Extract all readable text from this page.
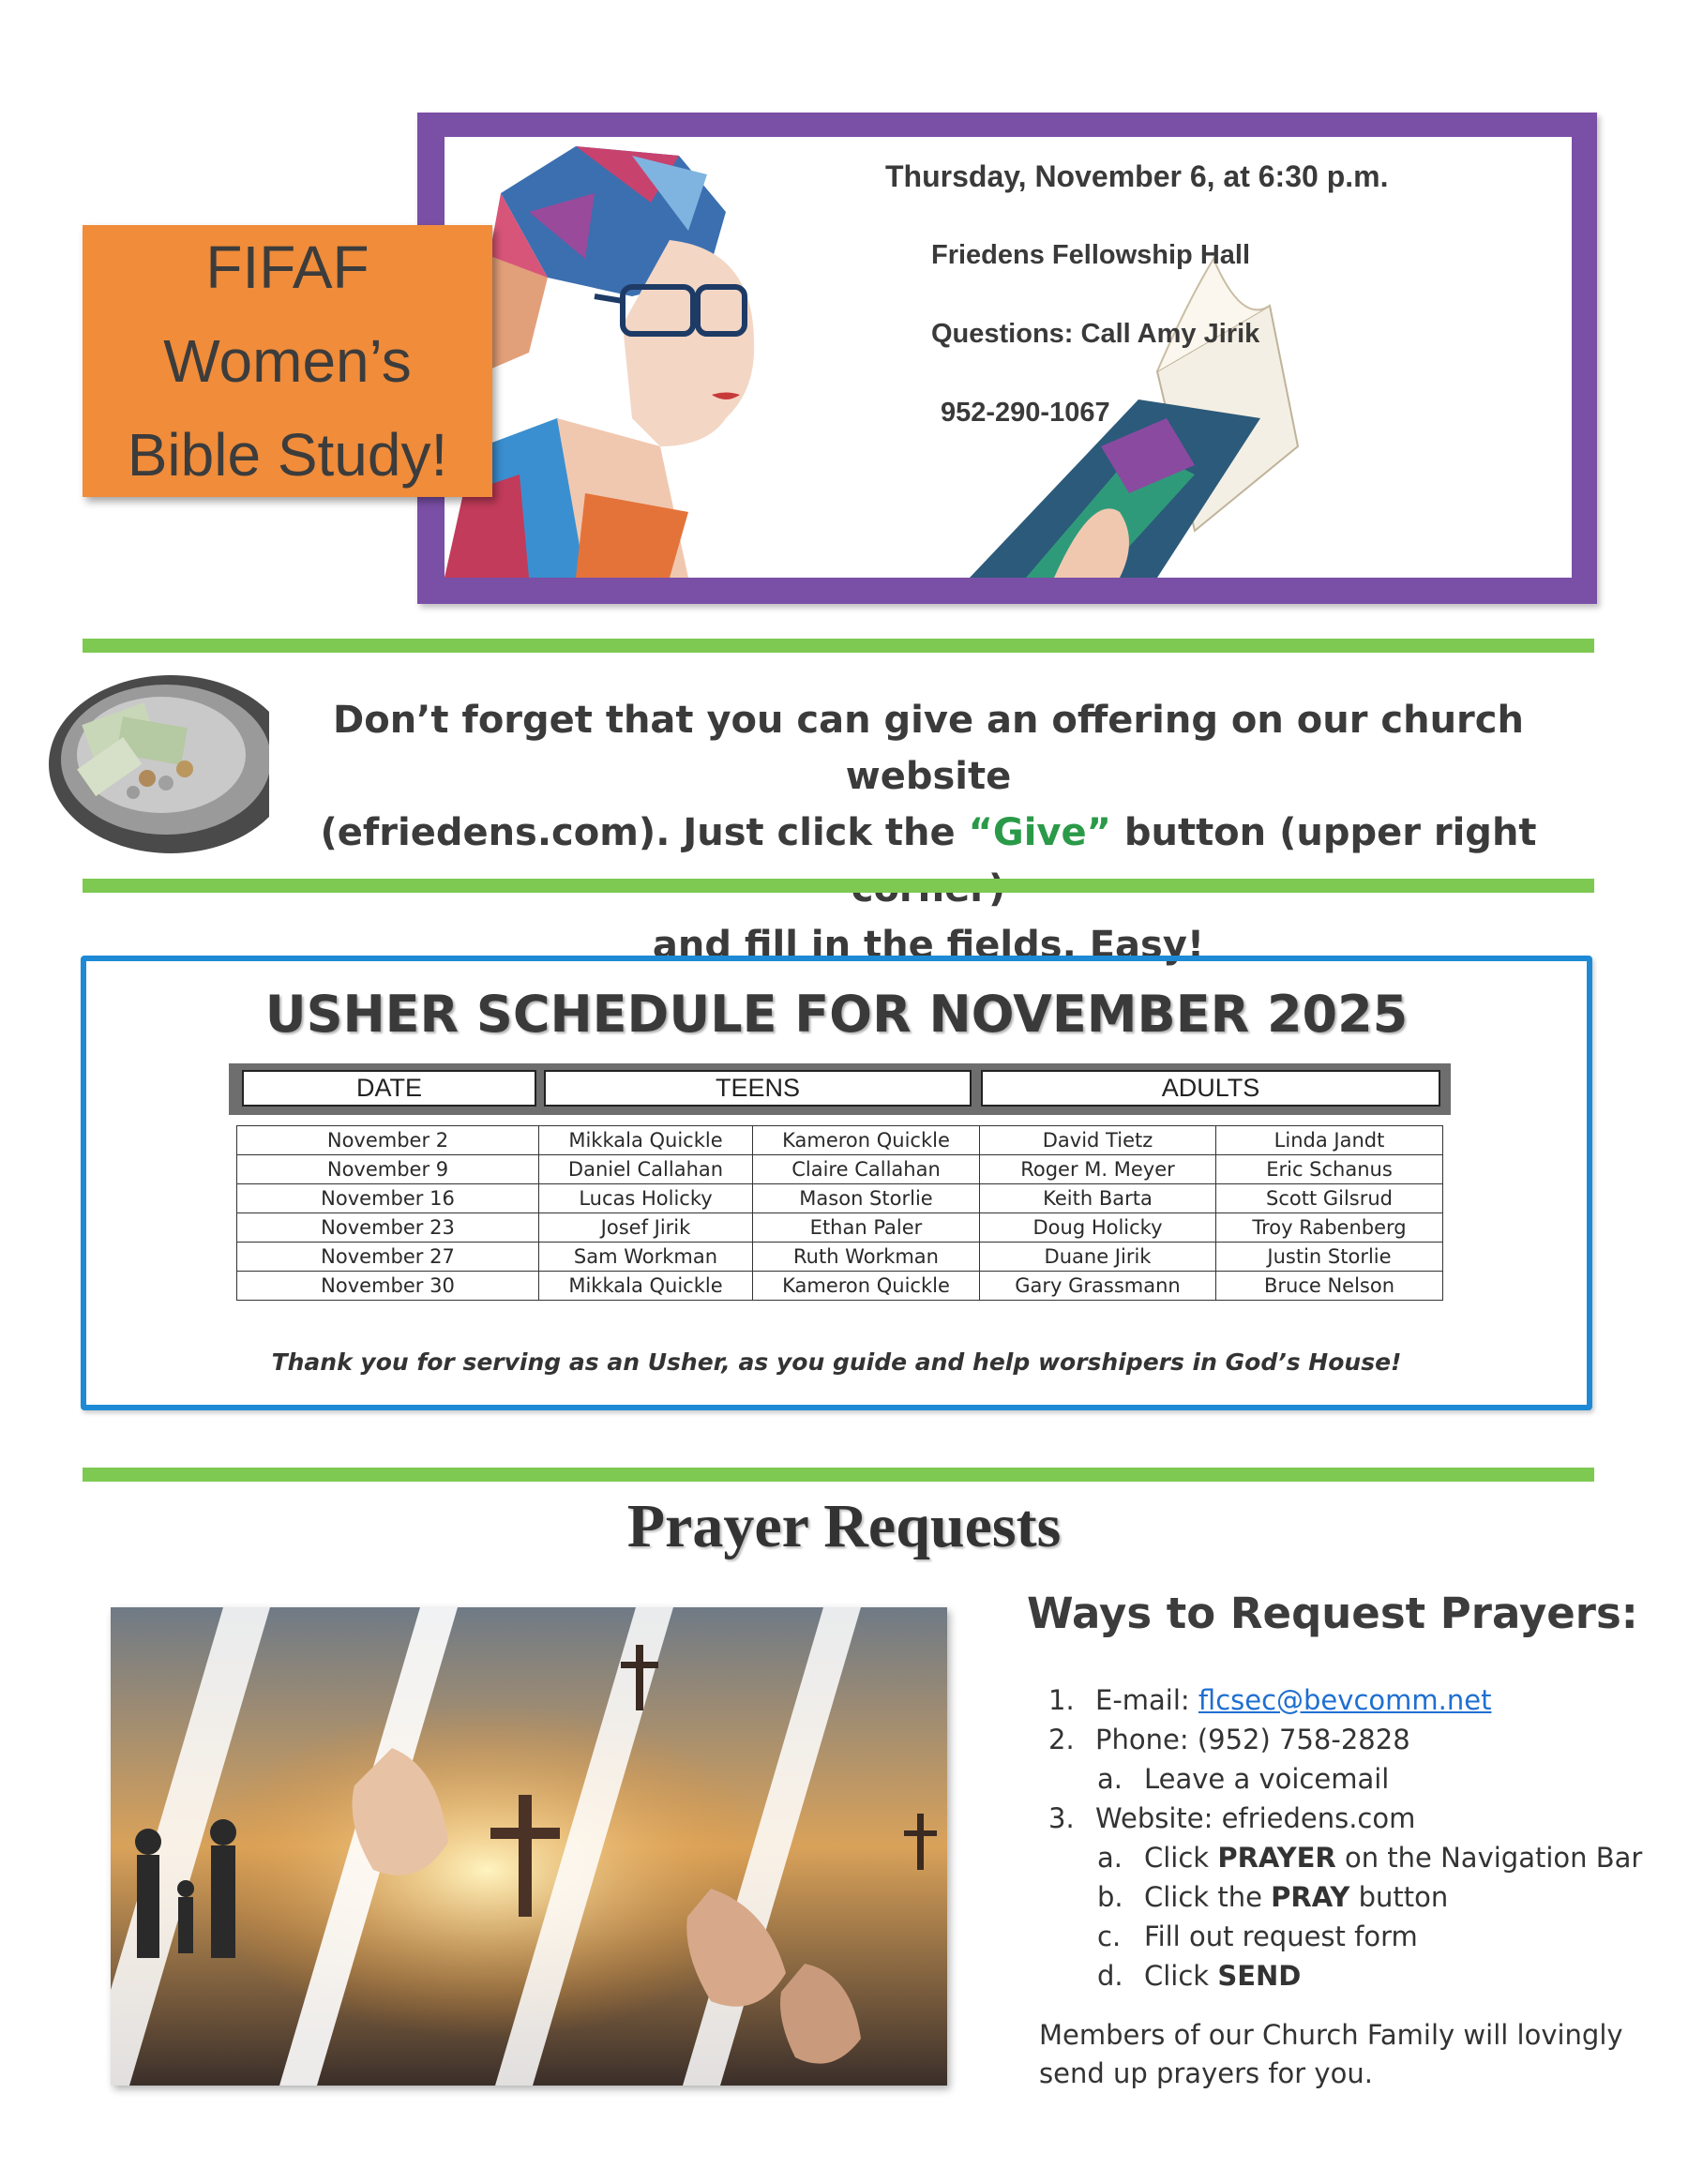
Thursday, November 6, at 6:30 p.m.
Friedens Fellowship Hall
Questions: Call Amy Jirik
952-290-1067
FIFAF
Women’s
Bible Study!
Don’t forget that you can give an offering on our church website
(efriedens.com). Just click the “Give” button (upper right
and fill in the fields. Easy!
USHER SCHEDULE FOR NOVEMBER 2025
DATE	TEENS	ADULTS
November 2	Mikkala Quickle	Kameron Quickle	David Tietz	Linda Jandt
November 9	Daniel Callahan	Claire Callahan	Roger M. Meyer	Eric Schanus
November 16	Lucas Holicky	Mason Storlie	Keith Barta	Scott Gilsrud
November 23	Josef Jirik	Ethan Paler	Doug Holicky	Troy Rabenberg
November 27	Sam Workman	Ruth Workman	Duane Jirik	Justin Storlie
November 30	Mikkala Quickle	Kameron Quickle	Gary Grassmann	Bruce Nelson
Thank you for serving as an Usher, as you guide and help worshipers in God’s House!
Prayer Requests
Ways to Request Prayers:
1. E-mail: flcsec@bevcomm.net
2. Phone: (952) 758-2828
a. Leave a voicemail
3. Website: efriedens.com
a. Click PRAYER on the Navigation Bar
b. Click the PRAY button
c. Fill out request form
d. Click SEND
Members of our Church Family will lovingly send up prayers for you.
